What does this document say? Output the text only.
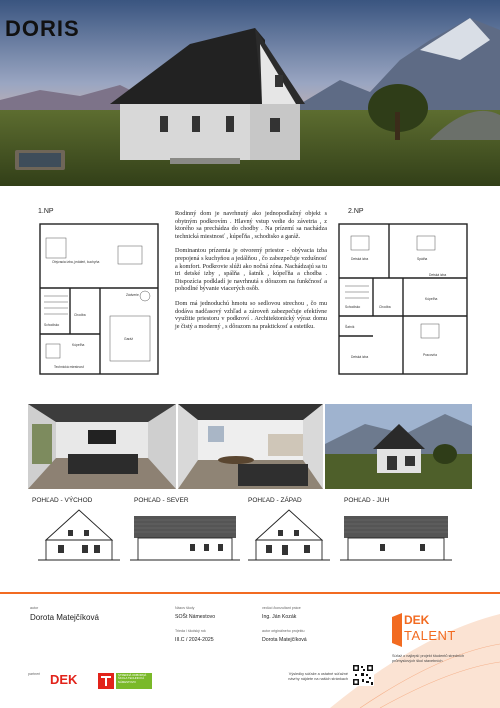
DORIS
1.NP
Obývacia izba, jedáleň, kuchyňa
Schodisko
Chodba
Zádverie
Technická miestnosť
Garáž
Kúpeľňa

Rodinný dom je navrhnutý ako jednopodlažný objekt s obytným podkrovím . Hlavný vstup vedie do závetria , z ktorého sa prechádza do chodby . Na prízemí sa nachádza technická miestnosť , kúpeľňa , schodisko a garáž.

Dominantou prízemia je otvorený priestor - obývacia izba prepojená s kuchyňou a jedálňou , čo zabezpečuje vzdušnosť a komfort. Podkrovie slúži ako nočná zóna. Nachádzajú sa tu tri detské izby , spálňa , šatník , kúpeľňa a chodba . Dispozícia podkladí je navrhnutá s dôrazom na funkčnosť a pohodlné bývanie viacerých osôb.

Dom má jednoduchú hmotu so sedlovou strechou , čo mu dodáva nadčasový vzhľad a zároveň zabezpečuje efektívne využitie priestoru v podkroví . Architektonický výraz domu je čistý a moderný , s dôrazom na praktickosť a estetiku.

2.NP
Detská izba	Spálňa
Detská izba
Schodisko	Chodba
Kúpeľňa
Šatník
Detská izba	Pracovňa
POHĽAD - VÝCHOD	POHĽAD - SEVER	POHĽAD - ZÁPAD	POHĽAD - JUH
autor
Dorota Matejčíková
Názov školy
SOŠt Námestovo
Trieda / školský rok
III.C / 2024-2025
vedúci /konzultant práce
Ing. Ján Kozák
autor originálneho projektu
Dorota Matejčíková
DEK
TALENT
Súťaž o najlepší projekt študentů stredních průmyslových škol stavebních
partneri DEK	STREDNÁ ODBORNÁ ŠKOLA TECHNICKÁ NÁMESTOVO
Výsledky súťaže a ostatné súťažné návrhy nájdete na našich stránkach
